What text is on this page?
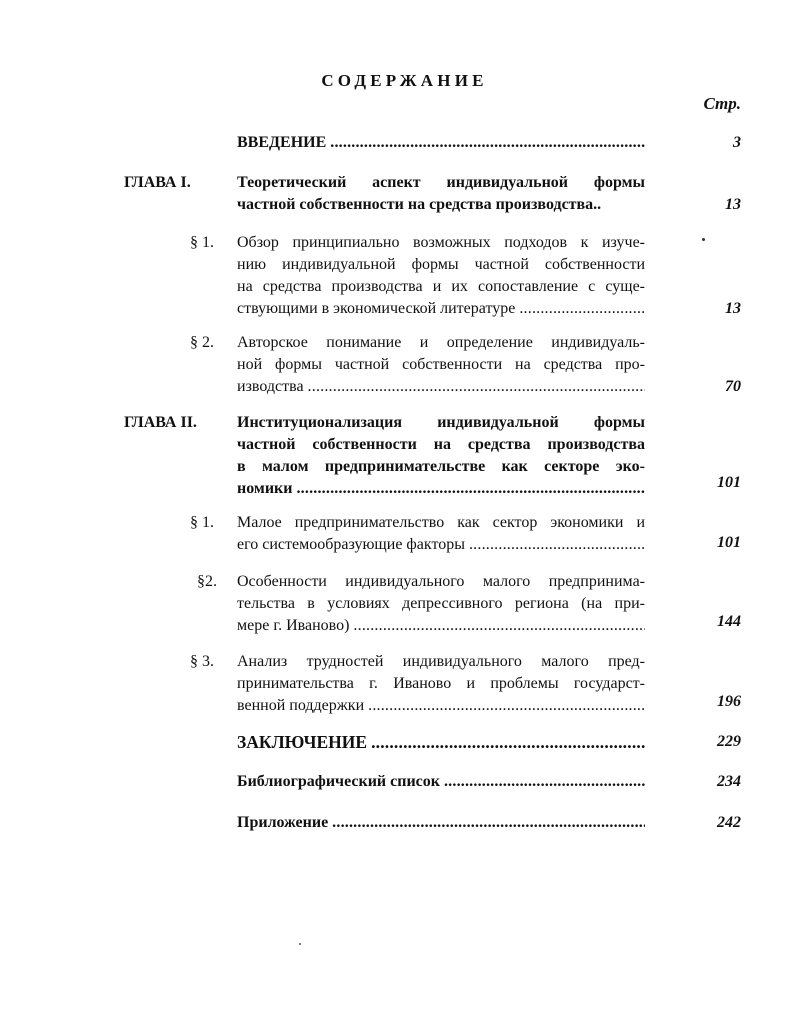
СОДЕРЖАНИЕ
Стр.
ВВЕДЕНИЕ .....	3
ГЛАВА I.	Теоретический аспект индивидуальной формы
частной собственности на средства производства..	13
§ 1. Обзор принципиально возможных подходов к изуче-
нию индивидуальной формы частной собственности
на средства производства и их сопоставление с суще-
ствующими в экономической литературе .....	13
§ 2. Авторское понимание и определение индивидуаль-
ной формы частной собственности на средства про-
изводства .....	70
ГЛАВА II.	Институционализация индивидуальной формы
частной собственности на средства производства
в малом предпринимательстве как секторе эко-
номики .....	101
§ 1. Малое предпринимательство как сектор экономики и
его системообразующие факторы .....	101
§2. Особенности индивидуального малого предпринима-
тельства в условиях депрессивного региона (на при-
мере г. Иваново) .....	144
§ 3. Анализ трудностей индивидуального малого пред-
принимательства г. Иваново и проблемы государст-
венной поддержки .....	196
ЗАКЛЮЧЕНИЕ .....	229
Библиографический список .....	234
Приложение .....	242
